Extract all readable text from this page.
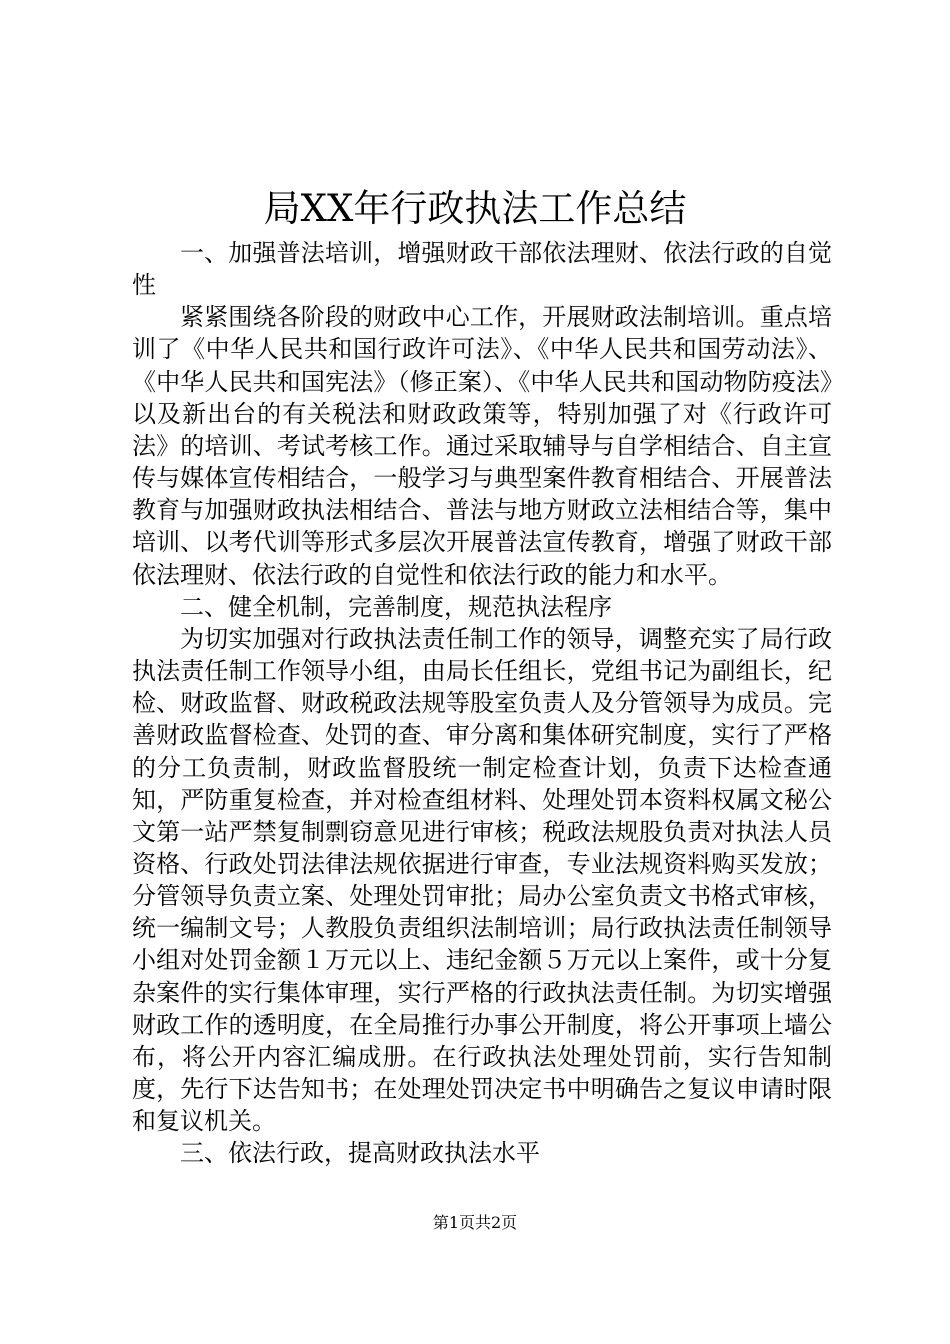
局XX年行政执法工作总结

一、加强普法培训，增强财政干部依法理财、依法行政的自觉性

紧紧围绕各阶段的财政中心工作，开展财政法制培训。重点培训了《中华人民共和国行政许可法》、《中华人民共和国劳动法》、《中华人民共和国宪法》（修正案）、《中华人民共和国动物防疫法》以及新出台的有关税法和财政政策等，特别加强了对《行政许可法》的培训、考试考核工作。通过采取辅导与自学相结合、自主宣传与媒体宣传相结合，一般学习与典型案件教育相结合、开展普法教育与加强财政执法相结合、普法与地方财政立法相结合等，集中培训、以考代训等形式多层次开展普法宣传教育，增强了财政干部依法理财、依法行政的自觉性和依法行政的能力和水平。

二、健全机制，完善制度，规范执法程序

为切实加强对行政执法责任制工作的领导，调整充实了局行政执法责任制工作领导小组，由局长任组长，党组书记为副组长，纪检、财政监督、财政税政法规等股室负责人及分管领导为成员。完善财政监督检查、处罚的查、审分离和集体研究制度，实行了严格的分工负责制，财政监督股统一制定检查计划，负责下达检查通知，严防重复检查，并对检查组材料、处理处罚本资料权属文秘公文第一站严禁复制剽窃意见进行审核；税政法规股负责对执法人员资格、行政处罚法律法规依据进行审查，专业法规资料购买发放；分管领导负责立案、处理处罚审批；局办公室负责文书格式审核，统一编制文号；人教股负责组织法制培训；局行政执法责任制领导小组对处罚金额１万元以上、违纪金额５万元以上案件，或十分复杂案件的实行集体审理，实行严格的行政执法责任制。为切实增强财政工作的透明度，在全局推行办事公开制度，将公开事项上墙公布，将公开内容汇编成册。在行政执法处理处罚前，实行告知制度，先行下达告知书；在处理处罚决定书中明确告之复议申请时限和复议机关。

三、依法行政，提高财政执法水平

第1页共2页
